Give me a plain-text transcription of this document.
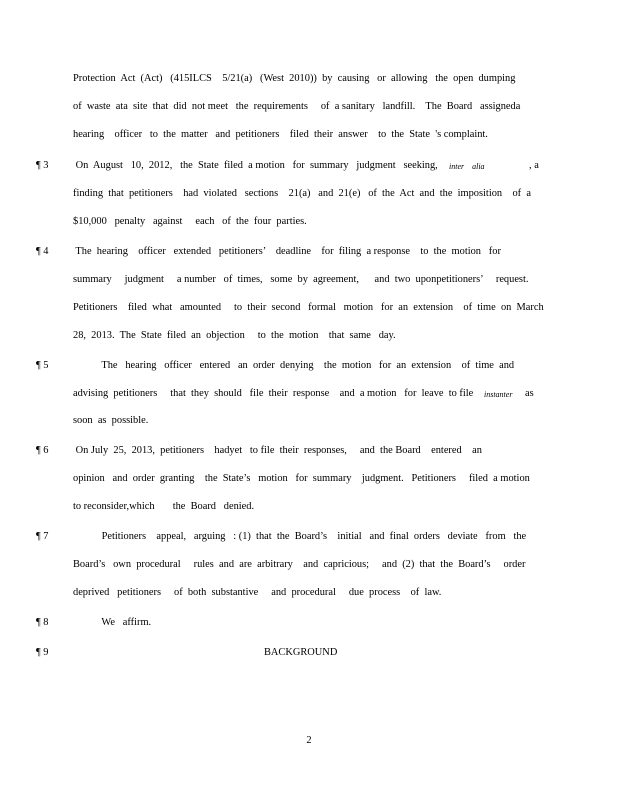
Protection  Act  (Act)   (415ILCS    5/21(a)   (West  2010))  by  causing   or  allowing   the  open  dumping
of  waste  ata  site  that  did  not meet   the  requirements     of  a sanitary   landfill.    The  Board   assigneda
hearing    officer   to  the  matter   and  petitioners    filed  their  answer    to  the  State  's complaint.
¶ 3 On  August   10,  2012,   the  State  filed  a motion   for  summary   judgment   seeking, inter    alia	, a
finding  that  petitioners    had  violated   sections    21(a)   and  21(e)   of  the  Act  and  the  imposition    of  a
$10,000   penalty   against     each   of  the  four  parties.
¶ 4 The  hearing    officer   extended   petitioners’    deadline    for  filing  a response    to  the  motion   for
summary     judgment     a number   of  times,   some  by  agreement,      and  two  uponpetitioners’     request.
Petitioners    filed  what   amounted     to  their  second   formal   motion   for  an  extension    of  time  on  March
28,  2013.  The  State  filed  an  objection     to  the  motion    that  same   day.
¶ 5 The   hearing   officer   entered   an  order  denying    the  motion   for  an  extension    of  time  and
advising  petitioners     that  they  should   file  their  response    and  a motion   for  leave  to file instanter as
soon  as  possible.
¶ 6 On July  25,  2013,  petitioners    hadyet   to file  their  responses,     and  the Board    entered    an
opinion   and  order  granting    the  State’s   motion   for  summary    judgment.   Petitioners     filed  a motion
to reconsider,which       the  Board   denied.
¶ 7 Petitioners    appeal,   arguing   : (1)  that  the  Board’s    initial   and  final  orders   deviate   from   the
Board’s   own  procedural     rules  and  are  arbitrary    and  capricious;     and  (2)  that  the  Board’s     order
deprived   petitioners     of  both  substantive     and  procedural     due  process    of  law.
¶ 8 We   affirm.
¶ 9	BACKGROUND
2
